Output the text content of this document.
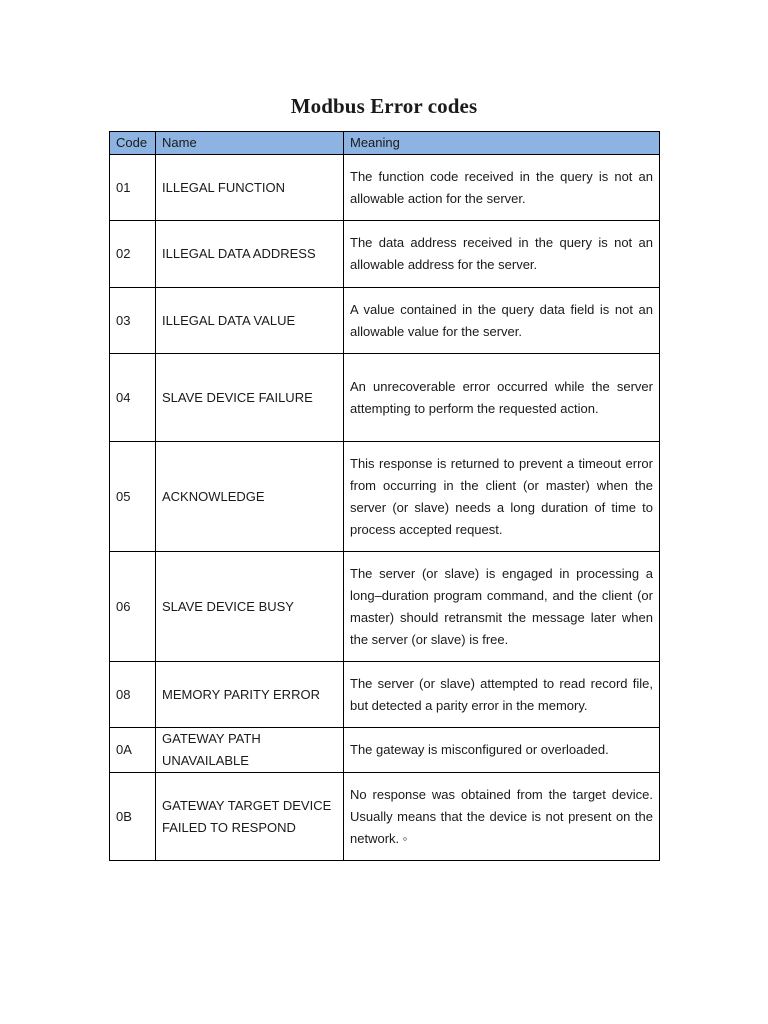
Modbus Error codes
Code	Name	Meaning
01	ILLEGAL FUNCTION	The function code received in the query is not an allowable action for the server.
02	ILLEGAL DATA ADDRESS	The data address received in the query is not an allowable address for the server.
03	ILLEGAL DATA VALUE	A value contained in the query data field is not an allowable value for the server.
04	SLAVE DEVICE FAILURE	An unrecoverable error occurred while the server attempting to perform the requested action.
05	ACKNOWLEDGE	This response is returned to prevent a timeout error from occurring in the client (or master) when the server (or slave) needs a long duration of time to process accepted request.
06	SLAVE DEVICE BUSY	The server (or slave) is engaged in processing a long–duration program command, and the client (or master) should retransmit the message later when the server (or slave) is free.
08	MEMORY PARITY ERROR	The server (or slave) attempted to read record file, but detected a parity error in the memory.
0A	GATEWAY PATH UNAVAILABLE	The gateway is misconfigured or overloaded.
0B	GATEWAY TARGET DEVICE FAILED TO RESPOND	No response was obtained from the target device. Usually means that the device is not present on the network. ◦
